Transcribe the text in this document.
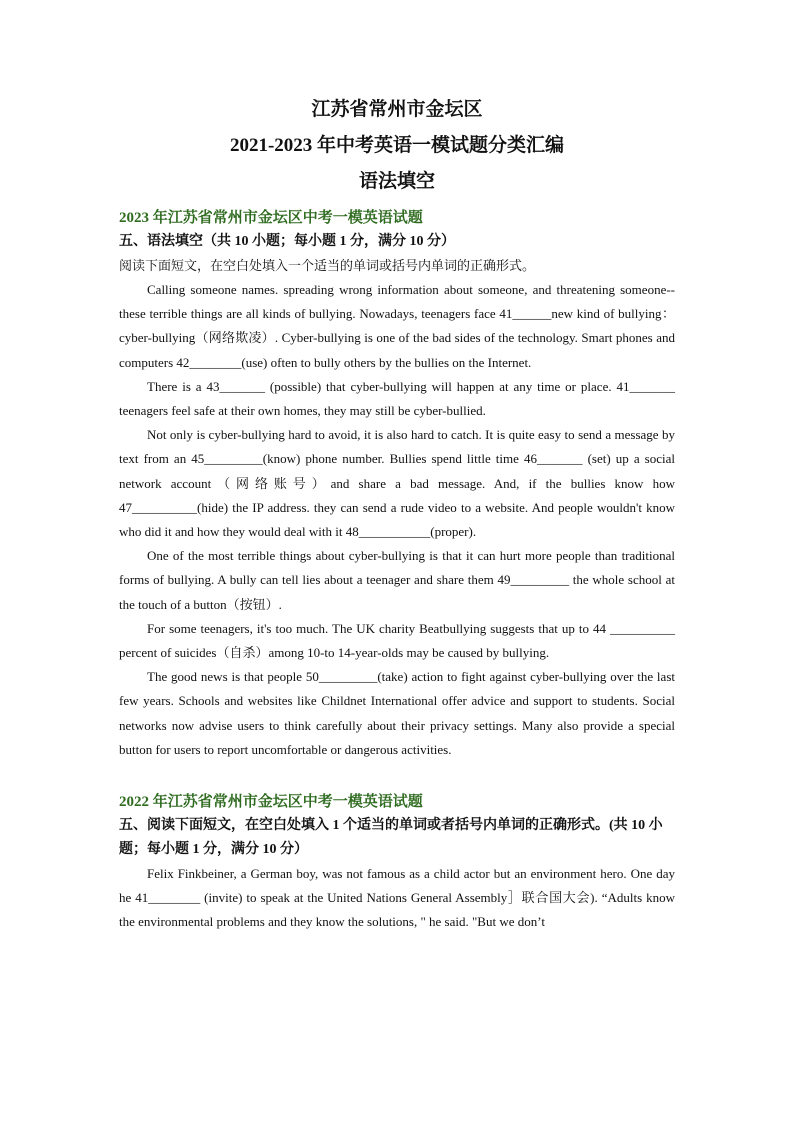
江苏省常州市金坛区

2021-2023 年中考英语一模试题分类汇编

语法填空

2023 年江苏省常州市金坛区中考一模英语试题

五、语法填空（共 10 小题；每小题 1 分，满分 10 分）

阅读下面短文，在空白处填入一个适当的单词或括号内单词的正确形式。

Calling someone names. spreading wrong information about someone, and threatening someone--these terrible things are all kinds of bullying. Nowadays, teenagers face 41______new kind of bullying：cyber-bullying（网络欺凌）. Cyber-bullying is one of the bad sides of the technology. Smart phones and computers 42________(use) often to bully others by the bullies on the Internet.

There is a 43_______ (possible) that cyber-bullying will happen at any time or place. 41_______ teenagers feel safe at their own homes, they may still be cyber-bullied.

Not only is cyber-bullying hard to avoid, it is also hard to catch. It is quite easy to send a message by text from an 45_________(know) phone number. Bullies spend little time 46_______ (set) up a social network account（网络账号）and share a bad message. And, if the bullies know how 47__________(hide) the IP address. they can send a rude video to a website. And people wouldn't know who did it and how they would deal with it 48___________(proper).

One of the most terrible things about cyber-bullying is that it can hurt more people than traditional forms of bullying. A bully can tell lies about a teenager and share them 49_________ the whole school at the touch of a button（按钮）.

For some teenagers, it's too much. The UK charity Beatbullying suggests that up to 44 __________ percent of suicides（自杀）among 10-to 14-year-olds may be caused by bullying.

The good news is that people 50_________(take) action to fight against cyber-bullying over the last few years. Schools and websites like Childnet International offer advice and support to students. Social networks now advise users to think carefully about their privacy settings. Many also provide a special button for users to report uncomfortable or dangerous activities.

2022 年江苏省常州市金坛区中考一模英语试题

五、阅读下面短文，在空白处填入 1 个适当的单词或者括号内单词的正确形式。(共 10 小题；每小题 1 分，满分 10 分）

Felix Finkbeiner, a German boy, was not famous as a child actor but an environment hero. One day he 41________ (invite) to speak at the United Nations General Assembly］联合国大会). “Adults know the environmental problems and they know the solutions, " he said. "But we don’t
